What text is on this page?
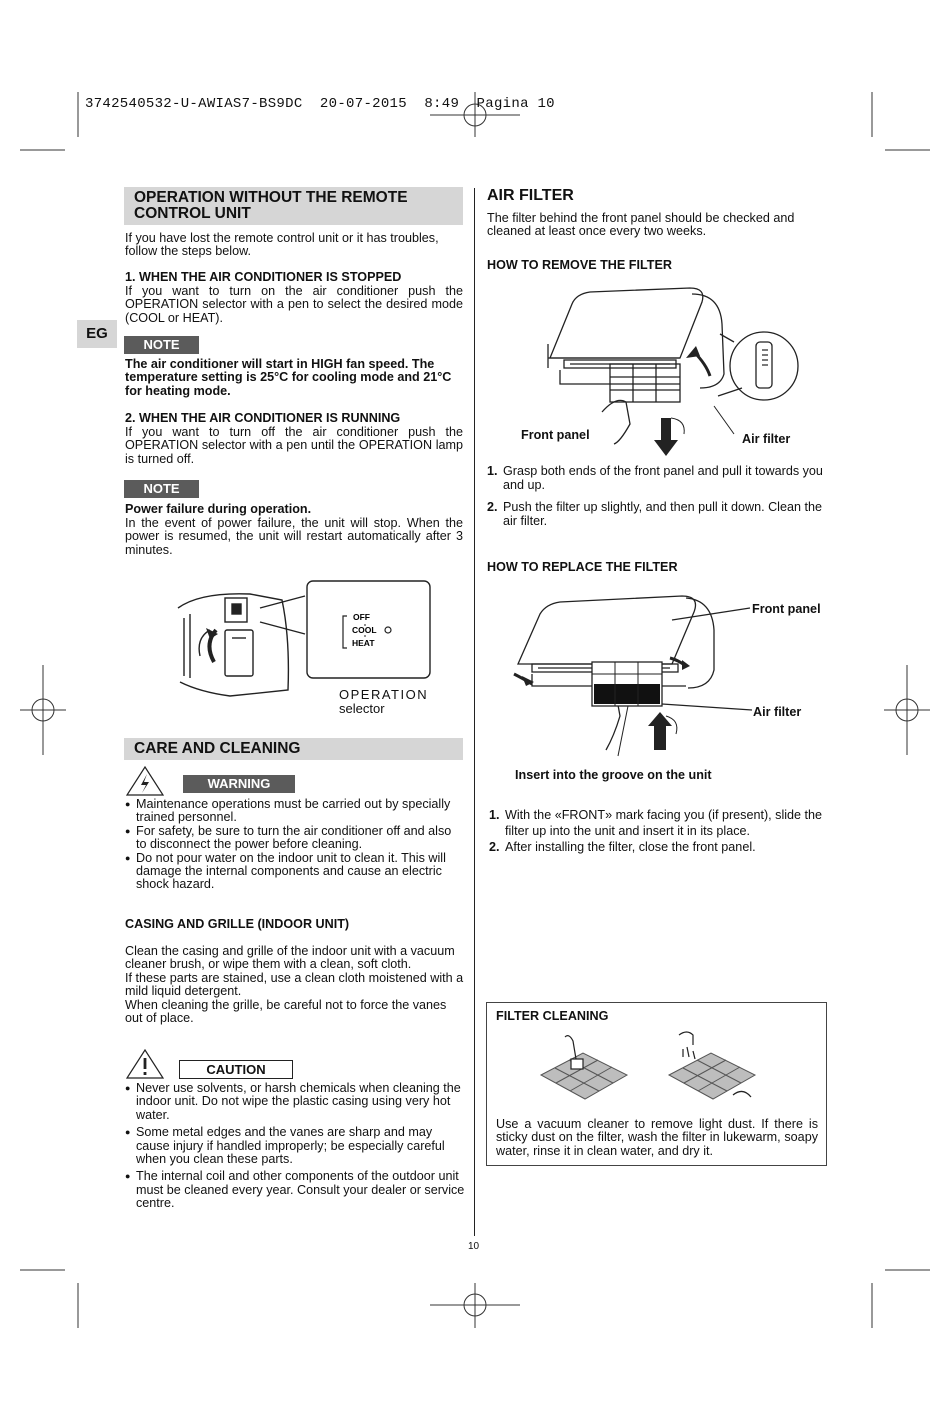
3742540532-U-AWIAS7-BS9DC  20-07-2015  8:49  Pagina 10
EG
OPERATION WITHOUT THE REMOTE CONTROL UNIT

If you have lost the remote control unit or it has troubles, follow the steps below.

1. WHEN THE AIR CONDITIONER IS STOPPED

If you want to turn on the air conditioner push the OPERATION selector with a pen to select the desired mode (COOL or HEAT).

NOTE

The air conditioner will start in HIGH fan speed. The temperature setting is 25°C for cooling mode and 21°C for heating mode.

2. WHEN THE AIR CONDITIONER IS RUNNING

If you want to turn off the air conditioner push the OPERATION selector with a pen until the OPERATION lamp is turned off.

NOTE

Power failure during operation.

In the event of power failure, the unit will stop. When the power is resumed, the unit will restart automatically after 3 minutes.

OFF
COOL
HEAT
OPERATION
selector
CARE AND CLEANING
WARNING
● Maintenance operations must be carried out by specially trained personnel.
● For safety, be sure to turn the air conditioner off and also to disconnect the power before cleaning.
● Do not pour water on the indoor unit to clean it. This will damage the internal components and cause an electric shock hazard.

CASING AND GRILLE (INDOOR UNIT)

Clean the casing and grille of the indoor unit with a vacuum cleaner brush, or wipe them with a clean, soft cloth.

If these parts are stained, use a clean cloth moistened with a mild liquid detergent.

When cleaning the grille, be careful not to force the vanes out of place.

CAUTION
● Never use solvents, or harsh chemicals when cleaning the indoor unit. Do not wipe the plastic casing using very hot water.
● Some metal edges and the vanes are sharp and may cause injury if handled improperly; be especially careful when you clean these parts.
● The internal coil and other components of the outdoor unit must be cleaned every year. Consult your dealer or service centre.
AIR FILTER

The filter behind the front panel should be checked and cleaned at least once every two weeks.

HOW TO REMOVE THE FILTER

Front panel	Air filter
1. Grasp both ends of the front panel and pull it towards you and up.
2. Push the filter up slightly, and then pull it down. Clean the air filter.

HOW TO REPLACE THE FILTER

Front panel
Air filter
Insert into the groove on the unit
1. With the «FRONT» mark facing you (if present), slide the filter up into the unit and insert it in its place.
2. After installing the filter, close the front panel.
FILTER CLEANING

Use a vacuum cleaner to remove light dust. If there is sticky dust on the filter, wash the filter in lukewarm, soapy water, rinse it in clean water, and dry it.

10
